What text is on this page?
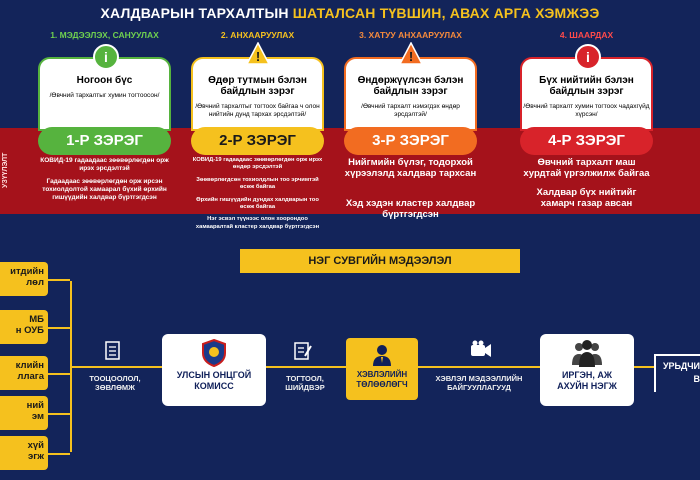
ХАЛДВАРЫН ТАРХАЛТЫН ШАТАЛСАН ТҮВШИН, АВАХ АРГА ХЭМЖЭЭ
УЗҮҮЛЭЛТ
1. МЭДЭЭЛЭХ, САНУУЛАХ
Ногоон бүс
/Өвчний тархалтыг хумин тогтоосон/
i
1-Р ЗЭРЭГ
КОВИД-19 гадаадаас зөөвөрлөгдөн орж ирэх эрсдэлтэй
Гадаадаас зөөвөрлөгдөн орж ирсэн тохиолдолтой хамаарал бүхий өрхийн гишүүдийн халдвар бүртгэгдсэн
2. АНХААРУУЛАХ
Өдөр тутмын бэлэн байдлын зэрэг
/Өвчний тархалтыг тогтоох байгаа ч олон нийтийн дунд тархах эрсдэлтэй/
!
2-Р ЗЭРЭГ
КОВИД-19 гадаадаас зөөвөрлөгдөн орж ирэх өндөр эрсдэлтэй
Зөөвөрлөгдсөн тохиолдлын тоо эрчимтэй өсөж байгаа
Өрхийн гишүүдийн дундах халдварын тоо өсөж байгаа
Нэг эсвэл түүнээс олон хоорондоо хамааралтай кластер халдвар бүртгэгдсэн
3. ХАТУУ АНХААРУУЛАХ
Өндөржүүлсэн бэлэн байдлын зэрэг
/Өвчний тархалт нэмэгдэх өндөр эрсдэлтэй/
!
3-Р ЗЭРЭГ
Нийгмийн бүлэг, тодорхой хүрээлэлд халдвар тархсан
Хэд хэдэн кластер халдвар бүртгэгдсэн
4. ШААРДАХ
Бүх нийтийн бэлэн байдлын зэрэг
/Өвчний тархалт хумин тогтоох чадахгүйд хүрсэн/
i
4-Р ЗЭРЭГ
Өвчний тархалт маш хурдтай үргэлжилж байгаа
Халдвар бүх нийтийг хамарч газар авсан
НЭГ СУВГИЙН МЭДЭЭЛЭЛ
итдийн
лөл
МБ
н ОУБ
клийн
ллага
ний
эм
хүй
эгж
ТООЦООЛОЛ,
ЗӨВЛӨМЖ
УЛСЫН ОНЦГОЙ
КОМИСС
ТОГТООЛ,
ШИЙДВЭР
ХЭВЛЭЛИЙН
ТӨЛӨӨЛӨГЧ
ХЭВЛЭЛ МЭДЭЭЛЛИЙН
БАЙГУУЛЛАГУУД
ИРГЭН, АЖ
АХУЙН НЭГЖ
УРЬДЧИ
В
